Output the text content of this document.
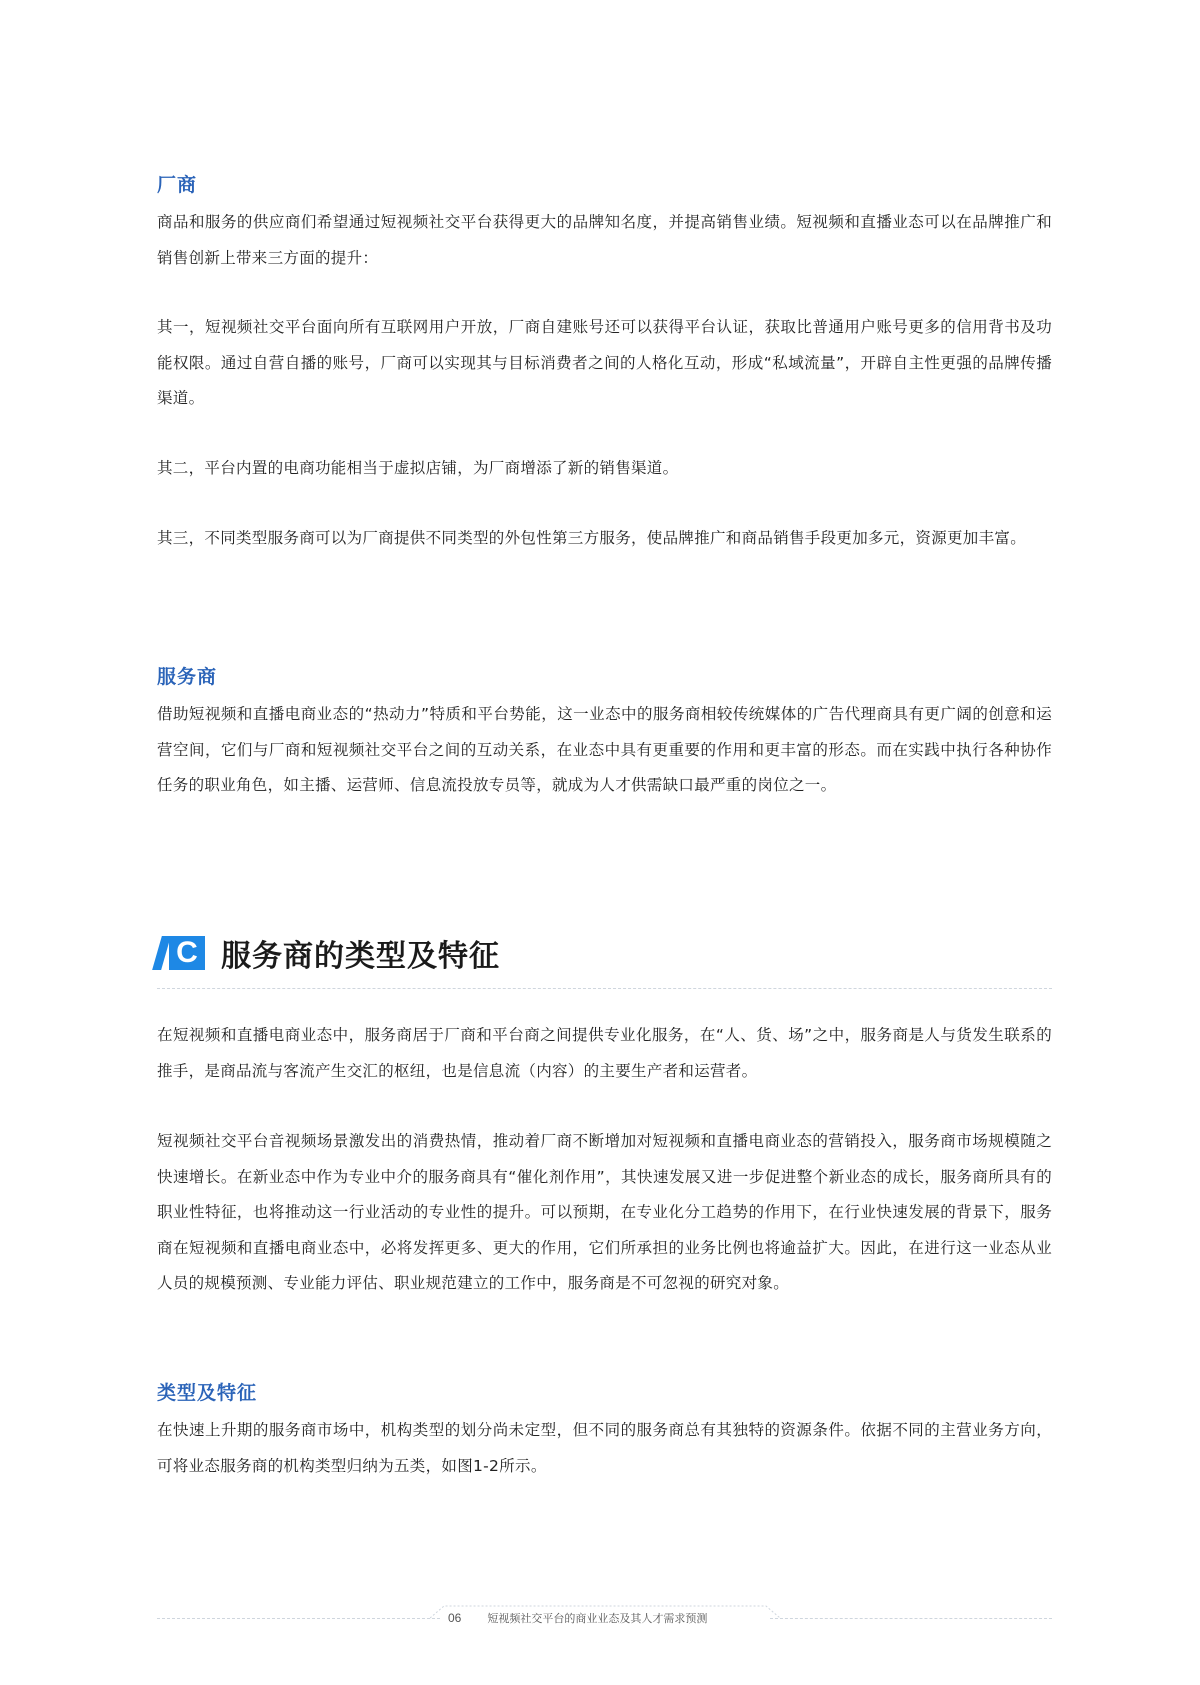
厂商
商品和服务的供应商们希望通过短视频社交平台获得更大的品牌知名度，并提高销售业绩。短视频和直播业态可以在品牌推广和销售创新上带来三方面的提升：
其一，短视频社交平台面向所有互联网用户开放，厂商自建账号还可以获得平台认证，获取比普通用户账号更多的信用背书及功能权限。通过自营自播的账号，厂商可以实现其与目标消费者之间的人格化互动，形成“私域流量”，开辟自主性更强的品牌传播渠道。
其二，平台内置的电商功能相当于虚拟店铺，为厂商增添了新的销售渠道。
其三，不同类型服务商可以为厂商提供不同类型的外包性第三方服务，使品牌推广和商品销售手段更加多元，资源更加丰富。
服务商
借助短视频和直播电商业态的“热动力”特质和平台势能，这一业态中的服务商相较传统媒体的广告代理商具有更广阔的创意和运营空间，它们与厂商和短视频社交平台之间的互动关系，在业态中具有更重要的作用和更丰富的形态。而在实践中执行各种协作任务的职业角色，如主播、运营师、信息流投放专员等，就成为人才供需缺口最严重的岗位之一。
C 服务商的类型及特征
在短视频和直播电商业态中，服务商居于厂商和平台商之间提供专业化服务，在“人、货、场”之中，服务商是人与货发生联系的推手，是商品流与客流产生交汇的枢纽，也是信息流（内容）的主要生产者和运营者。
短视频社交平台音视频场景激发出的消费热情，推动着厂商不断增加对短视频和直播电商业态的营销投入，服务商市场规模随之快速增长。在新业态中作为专业中介的服务商具有“催化剂作用”，其快速发展又进一步促进整个新业态的成长，服务商所具有的职业性特征，也将推动这一行业活动的专业性的提升。可以预期，在专业化分工趋势的作用下，在行业快速发展的背景下，服务商在短视频和直播电商业态中，必将发挥更多、更大的作用，它们所承担的业务比例也将逾益扩大。因此，在进行这一业态从业人员的规模预测、专业能力评估、职业规范建立的工作中，服务商是不可忽视的研究对象。
类型及特征
在快速上升期的服务商市场中，机构类型的划分尚未定型，但不同的服务商总有其独特的资源条件。依据不同的主营业务方向，可将业态服务商的机构类型归纳为五类，如图1-2所示。
06 短视频社交平台的商业业态及其人才需求预测
